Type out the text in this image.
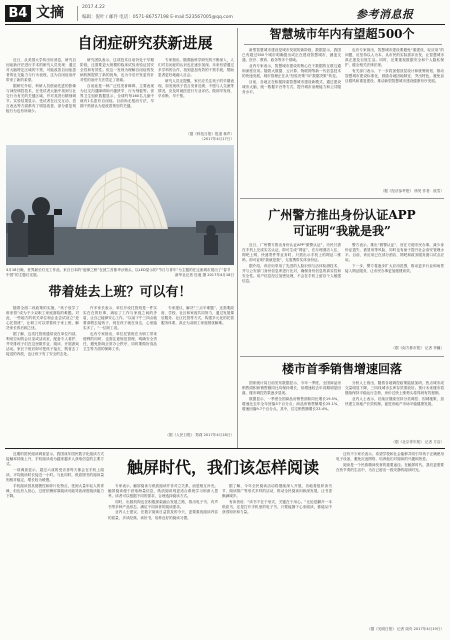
B4 文摘	2017.4.22
编辑：倪叶 / 邮件 电话：0571-86757198 E-mail:523567005@qq.com	参考消息报
自闭症研究获新进展

近日，从美国大学传出好消息，研究自闭症新疗法进行手术的研究人员发现：通过对大脑特定区域的干预，可能改善自闭症患者的社交能力与行为表现，这为自闭症治疗带来了新的希望。

据研究介绍，科研人员借助先进的影像与神经调控技术，在受试者大脑中找到与社交行为有关的关键区域，并对其进行精细调节。实验结果显示，受试者在社交互动、语言表达等方面都有了明显改善，部分重复刻板行为也有所减少。

研究团队表示，这项技术目前仍处于早期阶段，还需要更大规模的临床试验来验证其安全性和有效性。但这一发现为理解自闭症的发病机制提供了新的视角，也为今后开发更有针对性的治疗方法奠定了基础。

自闭症是一种广泛性发育障碍，主要表现为社交沟通障碍和兴趣狭窄、行为刻板等。世界卫生组织数据显示，全球约每160名儿童中就有1名患有自闭症。目前尚无根治方法，早期干预被认为是改善预后的关键。

专家指出，随着脑科学研究的不断深入，人们对自闭症的认识也在逐步加深。未来有望通过多学科的合作，找到更加有效的干预手段，帮助患者更好地融入社会。

研究人员还提醒，家长应关注孩子的早期表现，如发现孩子语言发育迟缓、不愿与人交流等情况，应及时就医进行专业评估，做到早发现、早诊断、早干预。

（据《科技日报》报道 林声）
（2017年4月17日）
4月18日晚，世界最长灯光工作品，来自日本的“旋律之桥”在波兰首都华沙街头，以LED显示的“节日与青年”为主题的在这座城市展出了“春节中国”的主题灯光展。	新华社记者 杜迪 摄 2017年4月18日
智慧城市年内有望超500个

新型智慧城市建设是城市发展的新阶段，数据显示，我国已有超过500个城市明确提出或正在建设智慧城市，涵盖交通、医疗、教育、政务等多个领域。

业内专家表示，智慧城市建设的核心在于数据的互联互通和深度应用。随着大数据、云计算、物联网等新一代信息技术的快速发展，城市管理正在从“经验决策”向“数据决策”转变。

目前，各地正在积极探索智慧城市建设新模式，通过建设城市大脑、统一数据平台等方式，提升城市治理能力和公共服务水平。

也有专家指出，智慧城市建设要避免“重建设、轻应用”的问题，应坚持以人为本，从市民的实际需求出发，让智慧城市真正惠及百姓生活。同时，还要重视数据安全和个人隐私保护，健全相关法律法规。

有关部门表示，下一步将加强顶层设计和统筹规划，推动智慧城市建设标准化，鼓励各地因地制宜、突出特色，避免盲目跟风和重复建设，推动新型智慧城市建设健康有序发展。

（据《经济参考报》 徐昊 作者：欧雪）
广州警方推出身份认证APP
可证明“我就是我”

近日，广州警方推出身份认证APP“微警认证”，市民只需在手机上完成实名认证，即可生成“网证”，在办理酒店入住、网吧上网、快递寄件等业务时，只需出示手机上的网证二维码，即可证明“我就是我”，无需携带实体身份证。

据介绍，该应用采用了先进的人脸识别与活体检测技术，并与公安部门身份信息库进行比对，确保身份信息的真实性和安全性。用户信息经过加密处理，不会在手机上留存个人敏感信息。

警方表示，推出“微警认证”，旨在方便市民办事，减少身份证遗失、被冒用等风险，同时也有助于提升社会治安管理水平。目前，该应用已在部分酒店、网吧和政务服务窗口试点应用。

下一步，警方将逐步扩大应用范围，推动更多行业和场景接入网证服务，让市民办事更加便捷高效。

（据《南方都市报》 记者 李巍）
楼市首季销售增速回落

国家统计局日前发布数据显示，今年一季度，全国商品房销售面积和销售额同比均保持增长，但增速较去年同期明显回落，楼市调控效果逐步显现。

数据显示，一季度全国商品房销售面积同比增长19.5%，增速比去年全年回落3个百分点；商品房销售额增长25.1%，增速回落9.7个百分点。其中，住宅销售额增长23.4%。

分析人士指出，随着各地调控政策陆续加码，热点城市成交量明显下降，三四线城市去库存效果较好。预计未来楼市将继续保持平稳运行态势，房价过快上涨势头将得到有效遏制。

业内人士表示，后续应继续坚持分类调控、因城施策，加快建立房地产长效机制，促进房地产市场平稳健康发展。

（据《北京青年报》 记者 方洁）
带着娃去上班？可以有！

随着全面二孩政策的实施，“孩子放学了谁来管”成为不少双职工家庭面临的难题。对此，一些地方的机关单位和企业尝试设立“爱心托管班”，让职工可以带着孩子来上班，解决家长的后顾之忧。

据了解，这类托管班通常设在单位内部，利用空闲的会议室或活动室，配备专人看护，并安排孩子们在这里做作业、阅读、开展游戏活动。家长下班后即可把孩子接走，既省去了接送的奔波，也让孩子有了安全的去处。

许多家长表示，单位开设托管班是一件实实在在的好事，减轻了工作与家庭之间的矛盾，让自己能够安心工作。“以前下午三四点就要请假去接孩子，现在孩子就在身边，心里踏实多了。”一位职工说。

也有专家指出，单位托管班在为职工带来便利的同时，也需注意规范管理，明确安全责任，避免影响正常办公秩序，同时要做好食品卫生等方面的保障工作。

专家建议，解决“三点半难题”，还需要政府、学校、社区和家庭共同努力，通过发展课后服务、社区托管等方式，构建多元化的托管服务体系，真正为双职工家庭排忧解难。

（据《人民日报》 郑莉 2017年4月18日）

近期的国民阅读调查显示，我国成年国民数字化阅读方式接触率持续上升，手机阅读成为越来越多人获取信息的主要方式。

一项调查显示，超过六成的受访者每天都会在手机上阅读，平均阅读时长接近一小时。与此同时，纸质图书的阅读量则相对稳定，增长较为缓慢。

手机阅读因其便捷性和碎片化特点，受到大量年轻人的青睐，但也有人担心，过度依赖屏幕阅读可能导致深度阅读能力下降。

触屏时代，我们该怎样阅读

专家表示，触屏阅读与纸质阅读并非对立关系，而是相互补充。触屏阅读便于获取海量信息，纸质阅读则更适合系统学习和深入思考。读者可以根据不同的需求，合理选择阅读方式。

同时，出版机构也在积极探索融合发展之路，推出电子书、有声书等多种产品形态，满足不同读者的阅读需求。

业内人士建议，在数字阅读日益普及的今天，更要重视阅读内容的质量，多读经典、读好书，培养良好的阅读习惯。

据了解，今年全民阅读活动将继续深入开展，各地将组织读书节、阅读推广等形式多样的活动，推动全民阅读向纵深发展，让书香飘满城乡。

有读者说：“读书不在于形式，关键在于用心。”无论是翻开一本纸质书，还是打开手机里的电子书，只要能静下心来阅读，都能从中获得知识和力量。

还有不少家长表示，希望学校和社会能够共同引导孩子正确使用电子设备，避免沉迷网络，培养他们对阅读的兴趣和热爱。

阅读是一个民族精神发育的重要途径。在触屏时代，我们更需要在快节奏的生活中，为自己留出一段安静的阅读时光。

（据《光明日报》 记者 周舟 2017年4月19日）
